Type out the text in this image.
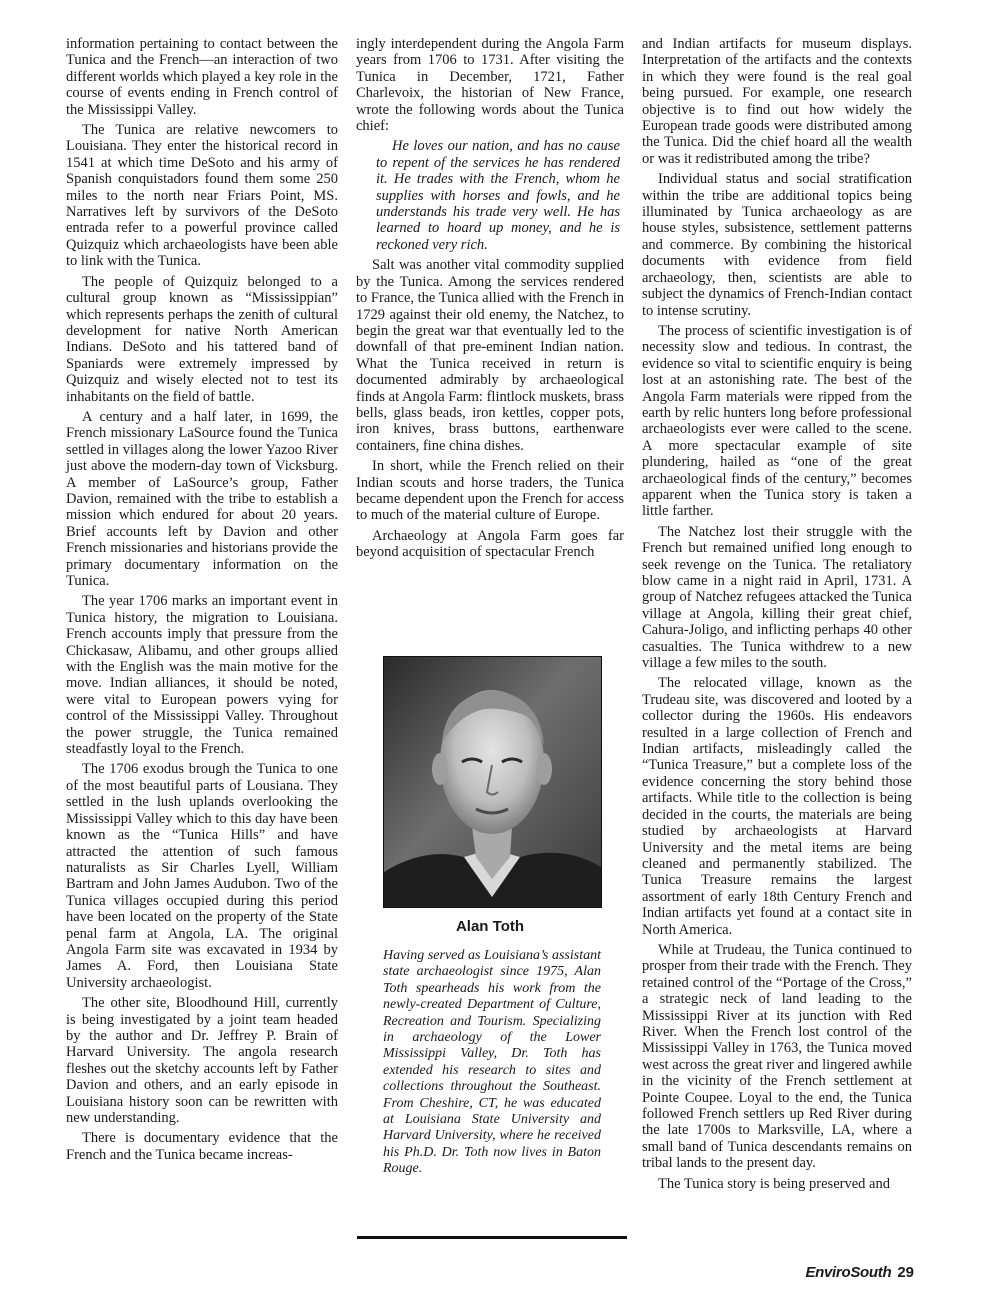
information pertaining to contact between the Tunica and the French—an interaction of two different worlds which played a key role in the course of events ending in French control of the Mississippi Valley.

The Tunica are relative newcomers to Louisiana. They enter the historical record in 1541 at which time DeSoto and his army of Spanish conquistadors found them some 250 miles to the north near Friars Point, MS. Narratives left by survivors of the DeSoto entrada refer to a powerful province called Quizquiz which archaeologists have been able to link with the Tunica.

The people of Quizquiz belonged to a cultural group known as “Mississippian” which represents perhaps the zenith of cultural development for native North American Indians. DeSoto and his tattered band of Spaniards were extremely impressed by Quizquiz and wisely elected not to test its inhabitants on the field of battle.

A century and a half later, in 1699, the French missionary LaSource found the Tunica settled in villages along the lower Yazoo River just above the modern-day town of Vicksburg. A member of LaSource’s group, Father Davion, remained with the tribe to establish a mission which endured for about 20 years. Brief accounts left by Davion and other French missionaries and historians provide the primary documentary information on the Tunica.

The year 1706 marks an important event in Tunica history, the migration to Louisiana. French accounts imply that pressure from the Chickasaw, Alibamu, and other groups allied with the English was the main motive for the move. Indian alliances, it should be noted, were vital to European powers vying for control of the Mississippi Valley. Throughout the power struggle, the Tunica remained steadfastly loyal to the French.

The 1706 exodus brough the Tunica to one of the most beautiful parts of Lousiana. They settled in the lush uplands overlooking the Mississippi Valley which to this day have been known as the “Tunica Hills” and have attracted the attention of such famous naturalists as Sir Charles Lyell, William Bartram and John James Audubon. Two of the Tunica villages occupied during this period have been located on the property of the State penal farm at Angola, LA. The original Angola Farm site was excavated in 1934 by James A. Ford, then Louisiana State University archaeologist.

The other site, Bloodhound Hill, currently is being investigated by a joint team headed by the author and Dr. Jeffrey P. Brain of Harvard University. The angola research fleshes out the sketchy accounts left by Father Davion and others, and an early episode in Louisiana history soon can be rewritten with new understanding.

There is documentary evidence that the French and the Tunica became increas-

ingly interdependent during the Angola Farm years from 1706 to 1731. After visiting the Tunica in December, 1721, Father Charlevoix, the historian of New France, wrote the following words about the Tunica chief:

He loves our nation, and has no cause to repent of the services he has rendered it. He trades with the French, whom he supplies with horses and fowls, and he understands his trade very well. He has learned to hoard up money, and he is reckoned very rich.

Salt was another vital commodity supplied by the Tunica. Among the services rendered to France, the Tunica allied with the French in 1729 against their old enemy, the Natchez, to begin the great war that eventually led to the downfall of that pre-eminent Indian nation. What the Tunica received in return is documented admirably by archaeological finds at Angola Farm: flintlock muskets, brass bells, glass beads, iron kettles, copper pots, iron knives, brass buttons, earthenware containers, fine china dishes.

In short, while the French relied on their Indian scouts and horse traders, the Tunica became dependent upon the French for access to much of the material culture of Europe.

Archaeology at Angola Farm goes far beyond acquisition of spectacular French

and Indian artifacts for museum displays. Interpretation of the artifacts and the contexts in which they were found is the real goal being pursued. For example, one research objective is to find out how widely the European trade goods were distributed among the Tunica. Did the chief hoard all the wealth or was it redistributed among the tribe?

Individual status and social stratification within the tribe are additional topics being illuminated by Tunica archaeology as are house styles, subsistence, settlement patterns and commerce. By combining the historical documents with evidence from field archaeology, then, scientists are able to subject the dynamics of French-Indian contact to intense scrutiny.

The process of scientific investigation is of necessity slow and tedious. In contrast, the evidence so vital to scientific enquiry is being lost at an astonishing rate. The best of the Angola Farm materials were ripped from the earth by relic hunters long before professional archaeologists ever were called to the scene. A more spectacular example of site plundering, hailed as “one of the great archaeological finds of the century,” becomes apparent when the Tunica story is taken a little farther.

The Natchez lost their struggle with the French but remained unified long enough to seek revenge on the Tunica. The retaliatory blow came in a night raid in April, 1731. A group of Natchez refugees attacked the Tunica village at Angola, killing their great chief, Cahura-Joligo, and inflicting perhaps 40 other casualties. The Tunica withdrew to a new village a few miles to the south.

The relocated village, known as the Trudeau site, was discovered and looted by a collector during the 1960s. His endeavors resulted in a large collection of French and Indian artifacts, misleadingly called the “Tunica Treasure,” but a complete loss of the evidence concerning the story behind those artifacts. While title to the collection is being decided in the courts, the materials are being studied by archaeologists at Harvard University and the metal items are being cleaned and permanently stabilized. The Tunica Treasure remains the largest assortment of early 18th Century French and Indian artifacts yet found at a contact site in North America.

While at Trudeau, the Tunica continued to prosper from their trade with the French. They retained control of the “Portage of the Cross,” a strategic neck of land leading to the Mississippi River at its junction with Red River. When the French lost control of the Mississippi Valley in 1763, the Tunica moved west across the great river and lingered awhile in the vicinity of the French settlement at Pointe Coupee. Loyal to the end, the Tunica followed French settlers up Red River during the late 1700s to Marksville, LA, where a small band of Tunica descendants remains on tribal lands to the present day.

The Tunica story is being preserved and

Alan Toth
Having served as Louisiana’s assistant state archaeologist since 1975, Alan Toth spearheads his work from the newly-created Department of Culture, Recreation and Tourism. Specializing in archaeology of the Lower Mississippi Valley, Dr. Toth has extended his research to sites and collections throughout the Southeast. From Cheshire, CT, he was educated at Louisiana State University and Harvard University, where he received his Ph.D. Dr. Toth now lives in Baton Rouge.
EnviroSouth 29
